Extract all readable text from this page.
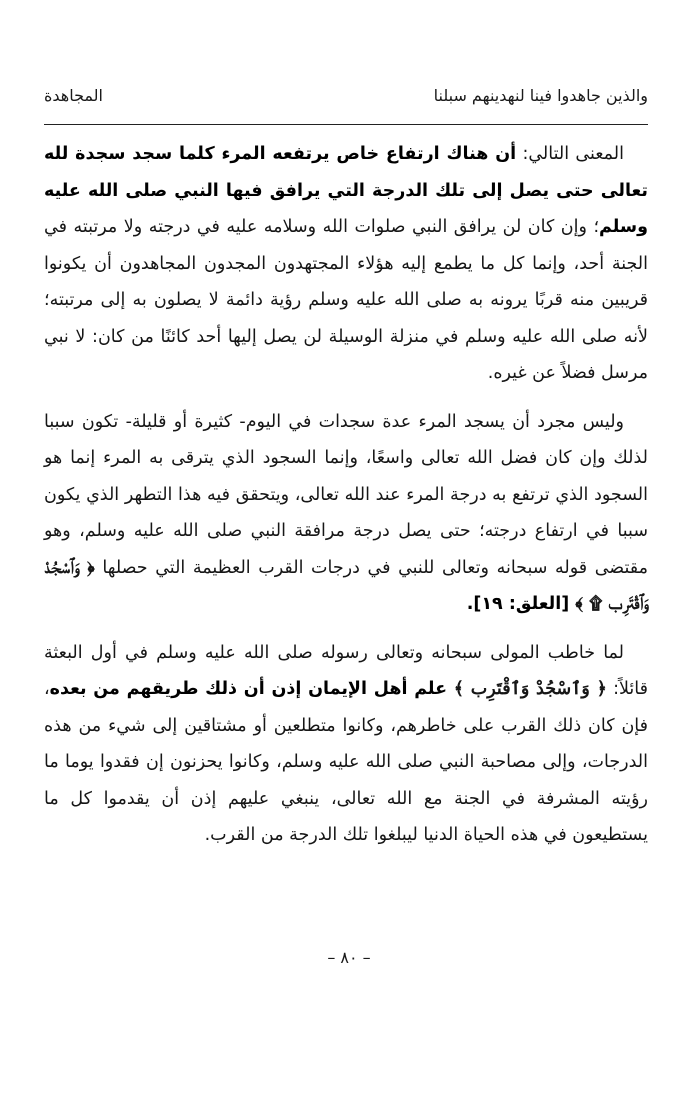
والذين جاهدوا فينا لنهدينهم سبلنا
المجاهدة

المعنى التالي: أن هناك ارتفاع خاص يرتفعه المرء كلما سجد سجدة لله تعالى حتى يصل إلى تلك الدرجة التي يرافق فيها النبي صلى الله عليه وسلم؛ وإن كان لن يرافق النبي صلوات الله وسلامه عليه في درجته ولا مرتبته في الجنة أحد، وإنما كل ما يطمع إليه هؤلاء المجتهدون المجدون المجاهدون أن يكونوا قريبين منه قربًا يرونه به صلى الله عليه وسلم رؤية دائمة لا يصلون به إلى مرتبته؛ لأنه صلى الله عليه وسلم في منزلة الوسيلة لن يصل إليها أحد كائنًا من كان: لا نبي مرسل فضلاً عن غيره.

وليس مجرد أن يسجد المرء عدة سجدات في اليوم- كثيرة أو قليلة- تكون سببا لذلك وإن كان فضل الله تعالى واسعًا، وإنما السجود الذي يترقى به المرء إنما هو السجود الذي ترتفع به درجة المرء عند الله تعالى، ويتحقق فيه هذا التطهر الذي يكون سببا في ارتفاع درجته؛ حتى يصل درجة مرافقة النبي صلى الله عليه وسلم، وهو مقتضى قوله سبحانه وتعالى للنبي في درجات القرب العظيمة التي حصلها ﴿ وَٱسْجُدْ وَٱقْتَرِب ۩ ﴾ [العلق: ١٩].

لما خاطب المولى سبحانه وتعالى رسوله صلى الله عليه وسلم في أول البعثة قائلاً: ﴿ وَٱسْجُدْ وَٱقْتَرِب ﴾ علم أهل الإيمان إذن أن ذلك طريقهم من بعده، فإن كان ذلك القرب على خاطرهم، وكانوا متطلعين أو مشتاقين إلى شيء من هذه الدرجات، وإلى مصاحبة النبي صلى الله عليه وسلم، وكانوا يحزنون إن فقدوا يوما ما رؤيته المشرفة في الجنة مع الله تعالى، ينبغي عليهم إذن أن يقدموا كل ما يستطيعون في هذه الحياة الدنيا ليبلغوا تلك الدرجة من القرب.

– ٨٠ –
